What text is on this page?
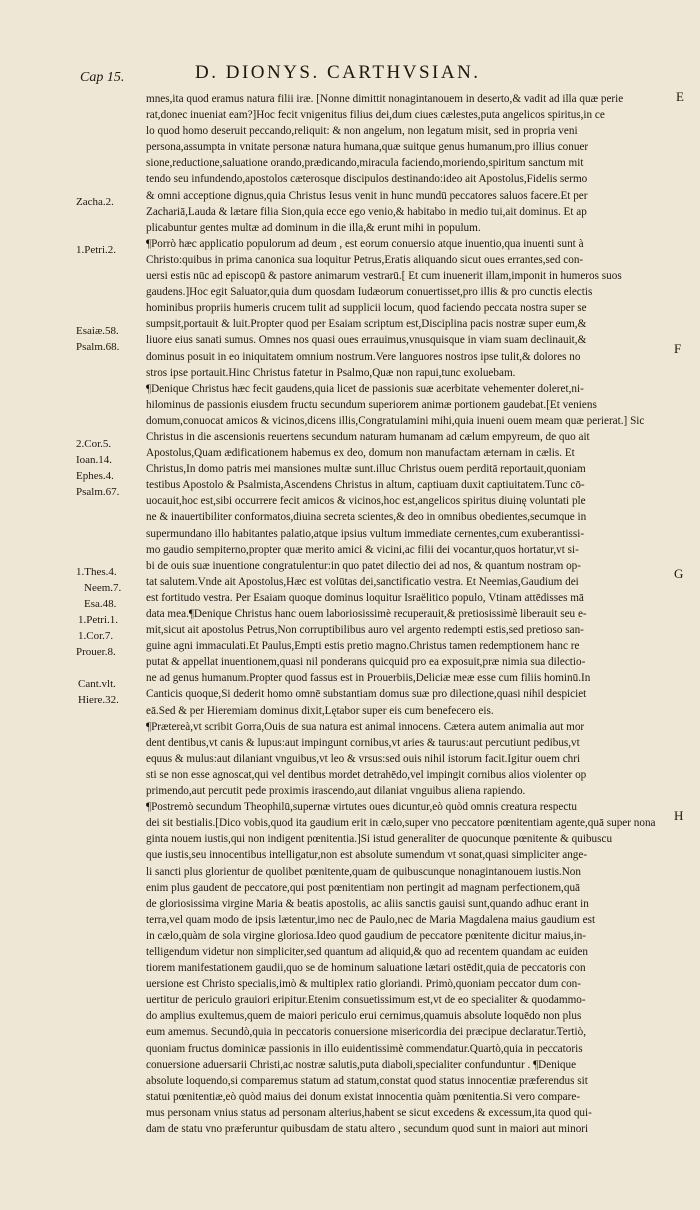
Cap 15.	D. DIONYS. CARTHVSIAN.
E
F
G
H
Zacha.2.
1.Petri.2.
Esaiæ.58.
Psalm.68.
2.Cor.5.
Ioan.14.
Ephes.4.
Psalm.67.
1.Thes.4.
Neem.7.
Esa.48.
1.Petri.1.
1.Cor.7.
Prouer.8.
Cant.vlt.
Hiere.32.
mnes,ita quod eramus natura filii iræ. [Nonne dimittit nonagintanouem in deserto,& vadit ad illa quæ perie
rat,donec inueniat eam?]Hoc fecit vnigenitus filius dei,dum ciues cælestes,puta angelicos spiritus,in ce
lo quod homo deseruit peccando,reliquit: & non angelum, non legatum misit, sed in propria veni
persona,assumpta in vnitate personæ natura humana,quæ suitque genus humanum,pro illius conuer
sione,reductione,saluatione orando,prædicando,miracula faciendo,moriendo,spiritum sanctum mit
tendo seu infundendo,apostolos cæterosque discipulos destinando:ideo ait Apostolus,Fidelis sermo
& omni acceptione dignus,quia Christus Iesus venit in hunc mundū peccatores saluos facere.Et per
Zachariā,Lauda & lætare filia Sion,quia ecce ego venio,& habitabo in medio tui,ait dominus. Et ap
plicabuntur gentes multæ ad dominum in die illa,& erunt mihi in populum.
¶Porrò hæc applicatio populorum ad deum , est eorum conuersio atque inuentio,qua inuenti sunt à
Christo:quibus in prima canonica sua loquitur Petrus,Eratis aliquando sicut oues errantes,sed con-
uersi estis nūc ad episcopū & pastore animarum vestrarū.[ Et cum inuenerit illam,imponit in humeros suos
gaudens.]Hoc egit Saluator,quia dum quosdam Iudæorum conuertisset,pro illis & pro cunctis electis
hominibus propriis humeris crucem tulit ad supplicii locum, quod faciendo peccata nostra super se
sumpsit,portauit & luit.Propter quod per Esaiam scriptum est,Disciplina pacis nostræ super eum,&
liuore eius sanati sumus. Omnes nos quasi oues errauimus,vnusquisque in viam suam declinauit,&
dominus posuit in eo iniquitatem omnium nostrum.Vere languores nostros ipse tulit,& dolores no
stros ipse portauit.Hinc Christus fatetur in Psalmo,Quæ non rapui,tunc exoluebam.
¶Denique Christus hæc fecit gaudens,quia licet de passionis suæ acerbitate vehementer doleret,ni-
hilominus de passionis eiusdem fructu secundum superiorem animæ portionem gaudebat.[Et veniens
domum,conuocat amicos & vicinos,dicens illis,Congratulamini mihi,quia inueni ouem meam quæ perierat.] Sic
Christus in die ascensionis reuertens secundum naturam humanam ad cælum empyreum, de quo ait
Apostolus,Quam ædificationem habemus ex deo, domum non manufactam æternam in cælis. Et
Christus,In domo patris mei mansiones multæ sunt.illuc Christus ouem perditā reportauit,quoniam
testibus Apostolo & Psalmista,Ascendens Christus in altum, captiuam duxit captiuitatem.Tunc cō-
uocauit,hoc est,sibi occurrere fecit amicos & vicinos,hoc est,angelicos spiritus diuinę voluntati ple
ne & inauertibiliter conformatos,diuina secreta scientes,& deo in omnibus obedientes,secumque in
supermundano illo habitantes palatio,atque ipsius vultum immediate cernentes,cum exuberantissi-
mo gaudio sempiterno,propter quæ merito amici & vicini,ac filii dei vocantur,quos hortatur,vt si-
bi de ouis suæ inuentione congratulentur:in quo patet dilectio dei ad nos, & quantum nostram op-
tat salutem.Vnde ait Apostolus,Hæc est volūtas dei,sanctificatio vestra. Et Neemias,Gaudium dei
est fortitudo vestra. Per Esaiam quoque dominus loquitur Israëlitico populo, Vtinam attēdisses mā
data mea.¶Denique Christus hanc ouem laboriosissimè recuperauit,& pretiosissimè liberauit seu e-
mit,sicut ait apostolus Petrus,Non corruptibilibus auro vel argento redempti estis,sed pretioso san-
guine agni immaculati.Et Paulus,Empti estis pretio magno.Christus tamen redemptionem hanc re
putat & appellat inuentionem,quasi nil ponderans quicquid pro ea exposuit,præ nimia sua dilectio-
ne ad genus humanum.Propter quod fassus est in Prouerbiis,Deliciæ meæ esse cum filiis hominū.In
Canticis quoque,Si dederit homo omnē substantiam domus suæ pro dilectione,quasi nihil despiciet
eā.Sed & per Hieremiam dominus dixit,Lętabor super eis cum benefecero eis.
¶Prætereà,vt scribit Gorra,Ouis de sua natura est animal innocens. Cætera autem animalia aut mor
dent dentibus,vt canis & lupus:aut impingunt cornibus,vt aries & taurus:aut percutiunt pedibus,vt
equus & mulus:aut dilaniant vnguibus,vt leo & vrsus:sed ouis nihil istorum facit.Igitur ouem chri
sti se non esse agnoscat,qui vel dentibus mordet detrahēdo,vel impingit cornibus alios violenter op
primendo,aut percutit pede proximis irascendo,aut dilaniat vnguibus aliena rapiendo.
¶Postremò secundum Theophilū,supernæ virtutes oues dicuntur,eò quòd omnis creatura respectu
dei sit bestialis.[Dico vobis,quod ita gaudium erit in cælo,super vno peccatore pœnitentiam agente,quā super nona
ginta nouem iustis,qui non indigent pœnitentia.]Si istud generaliter de quocunque pœnitente & quibuscu
que iustis,seu innocentibus intelligatur,non est absolute sumendum vt sonat,quasi simpliciter ange-
li sancti plus glorientur de quolibet pœnitente,quam de quibuscunque nonagintanouem iustis.Non
enim plus gaudent de peccatore,qui post pœnitentiam non pertingit ad magnam perfectionem,quā
de gloriosissima virgine Maria & beatis apostolis, ac aliis sanctis gauisi sunt,quando adhuc erant in
terra,vel quam modo de ipsis lætentur,imo nec de Paulo,nec de Maria Magdalena maius gaudium est
in cælo,quàm de sola virgine gloriosa.Ideo quod gaudium de peccatore pœnitente dicitur maius,in-
telligendum videtur non simpliciter,sed quantum ad aliquid,& quo ad recentem quandam ac euiden
tiorem manifestationem gaudii,quo se de hominum saluatione lætari ostēdit,quia de peccatoris con
uersione est Christo specialis,imò & multiplex ratio gloriandi. Primò,quoniam peccator dum con-
uertitur de periculo grauiori eripitur.Etenim consuetissimum est,vt de eo specialiter & quodammo-
do amplius exultemus,quem de maiori periculo erui cernimus,quamuis absolute loquēdo non plus
eum amemus. Secundò,quia in peccatoris conuersione misericordia dei præcipue declaratur.Tertiò,
quoniam fructus dominicæ passionis in illo euidentissimè commendatur.Quartò,quia in peccatoris
conuersione aduersarii Christi,ac nostræ salutis,puta diaboli,specialiter confunduntur . ¶Denique
absolute loquendo,si comparemus statum ad statum,constat quod status innocentiæ præferendus sit
statui pœnitentiæ,eò quòd maius dei donum existat innocentia quàm pœnitentia.Si vero compare-
mus personam vnius status ad personam alterius,habent se sicut excedens & excessum,ita quod qui-
dam de statu vno præferuntur quibusdam de statu altero , secundum quod sunt in maiori aut minori
